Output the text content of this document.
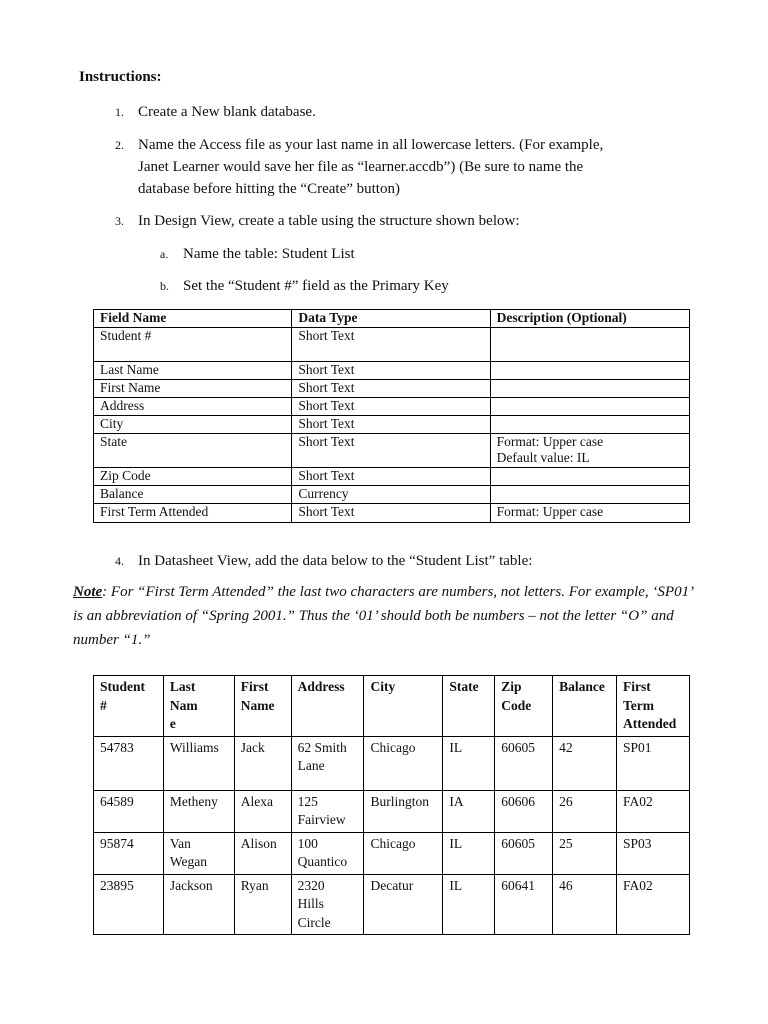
Instructions:
1. Create a New blank database.
2. Name the Access file as your last name in all lowercase letters. (For example,
Janet Learner would save her file as “learner.accdb”) (Be sure to name the
database before hitting the “Create” button)
3. In Design View, create a table using the structure shown below:
a. Name the table: Student List
b. Set the “Student #” field as the Primary Key
Field Name	Data Type	Description (Optional)
Student #	Short Text	
Last Name	Short Text	
First Name	Short Text	
Address	Short Text	
City	Short Text	
State	Short Text	Format: Upper case
Default value: IL
Zip Code	Short Text	
Balance	Currency	
First Term Attended	Short Text	Format: Upper case
4. In Datasheet View, add the data below to the “Student List” table:
Note: For “First Term Attended” the last two characters are numbers, not letters. For example, ‘SP01’ is an abbreviation of “Spring 2001.” Thus the ‘01’ should both be numbers – not the letter “O” and number “1.”
Student
#	Last
Nam
e	First
Name	Address	City	State	Zip
Code	Balance	First
Term
Attended
54783	Williams	Jack	62 Smith
Lane	Chicago	IL	60605	42	SP01
64589	Metheny	Alexa	125
Fairview	Burlington	IA	60606	26	FA02
95874	Van
Wegan	Alison	100
Quantico	Chicago	IL	60605	25	SP03
23895	Jackson	Ryan	2320
Hills
Circle	Decatur	IL	60641	46	FA02
